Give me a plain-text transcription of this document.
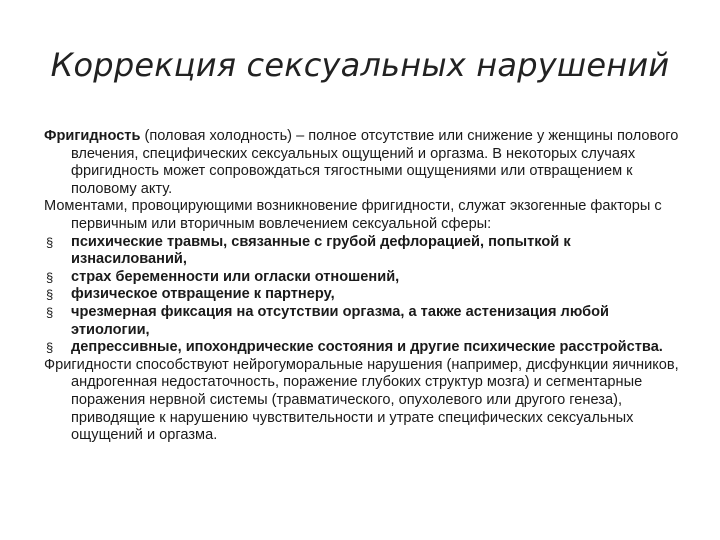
Коррекция сексуальных нарушений

Фригидность (половая холодность) – полное отсутствие или снижение у женщины полового влечения, специфических сексуальных ощущений и оргазма. В некоторых случаях фригидность может сопровождаться тягостными ощущениями или отвращением к половому акту.

Моментами, провоцирующими возникновение фригидности, служат экзогенные факторы с первичным или вторичным вовлечением сексуальной сферы:

§ психические травмы, связанные с грубой дефлорацией, попыткой к изнасилований,
§ страх беременности или огласки отношений,
§ физическое отвращение к партнеру,
§ чрезмерная фиксация на отсутствии оргазма, а также астенизация любой этиологии,
§ депрессивные, ипохондрические состояния и другие психические расстройства.

Фригидности способствуют нейрогуморальные нарушения (например, дисфункции яичников, андрогенная недостаточность, поражение глубоких структур мозга) и сегментарные поражения нервной системы (травматического, опухолевого или другого генеза), приводящие к нарушению чувствительности и утрате специфических сексуальных ощущений и оргазма.
